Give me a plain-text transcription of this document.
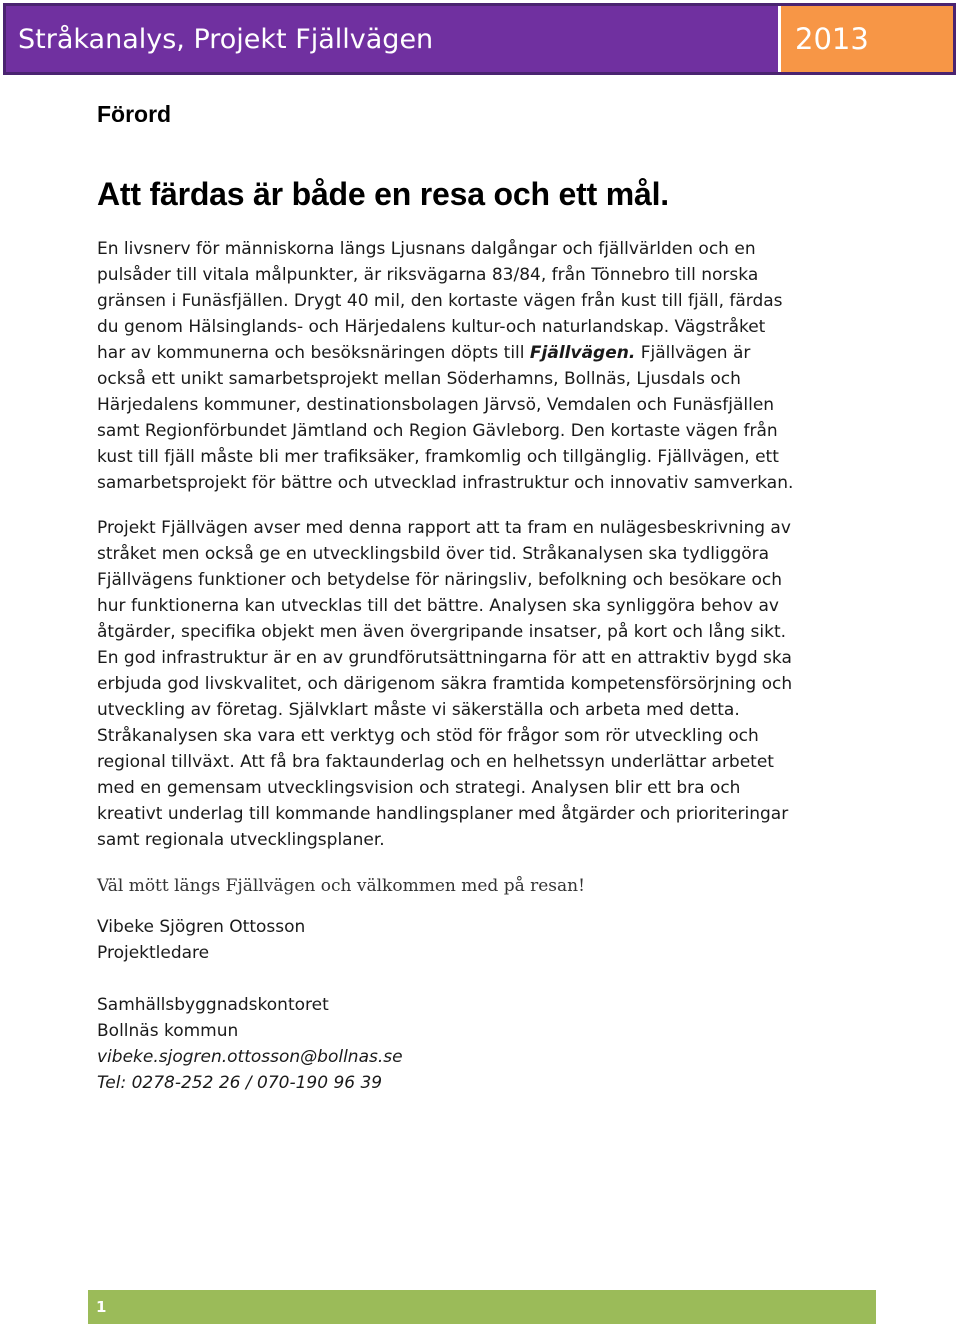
Stråkanalys, Projekt Fjällvägen	2013
Förord
Att färdas är både en resa och ett mål.
En livsnerv för människorna längs Ljusnans dalgångar och fjällvärlden och en
pulsåder till vitala målpunkter, är riksvägarna 83/84, från Tönnebro till norska
gränsen i Funäsfjällen. Drygt 40 mil, den kortaste vägen från kust till fjäll, färdas
du genom Hälsinglands- och Härjedalens kultur-och naturlandskap. Vägstråket
har av kommunerna och besöksnäringen döpts till Fjällvägen. Fjällvägen är
också ett unikt samarbetsprojekt mellan Söderhamns, Bollnäs, Ljusdals och
Härjedalens kommuner, destinationsbolagen Järvsö, Vemdalen och Funäsfjällen
samt Regionförbundet Jämtland och Region Gävleborg. Den kortaste vägen från
kust till fjäll måste bli mer trafiksäker, framkomlig och tillgänglig. Fjällvägen, ett
samarbetsprojekt för bättre och utvecklad infrastruktur och innovativ samverkan.
Projekt Fjällvägen avser med denna rapport att ta fram en nulägesbeskrivning av
stråket men också ge en utvecklingsbild över tid. Stråkanalysen ska tydliggöra
Fjällvägens funktioner och betydelse för näringsliv, befolkning och besökare och
hur funktionerna kan utvecklas till det bättre. Analysen ska synliggöra behov av
åtgärder, specifika objekt men även övergripande insatser, på kort och lång sikt.
En god infrastruktur är en av grundförutsättningarna för att en attraktiv bygd ska
erbjuda god livskvalitet, och därigenom säkra framtida kompetensförsörjning och
utveckling av företag. Självklart måste vi säkerställa och arbeta med detta.
Stråkanalysen ska vara ett verktyg och stöd för frågor som rör utveckling och
regional tillväxt. Att få bra faktaunderlag och en helhetssyn underlättar arbetet
med en gemensam utvecklingsvision och strategi. Analysen blir ett bra och
kreativt underlag till kommande handlingsplaner med åtgärder och prioriteringar
samt regionala utvecklingsplaner.
Väl mött längs Fjällvägen och välkommen med på resan!
Vibeke Sjögren Ottosson
Projektledare
Samhällsbyggnadskontoret
Bollnäs kommun
vibeke.sjogren.ottosson@bollnas.se
Tel: 0278-252 26 / 070-190 96 39
1
